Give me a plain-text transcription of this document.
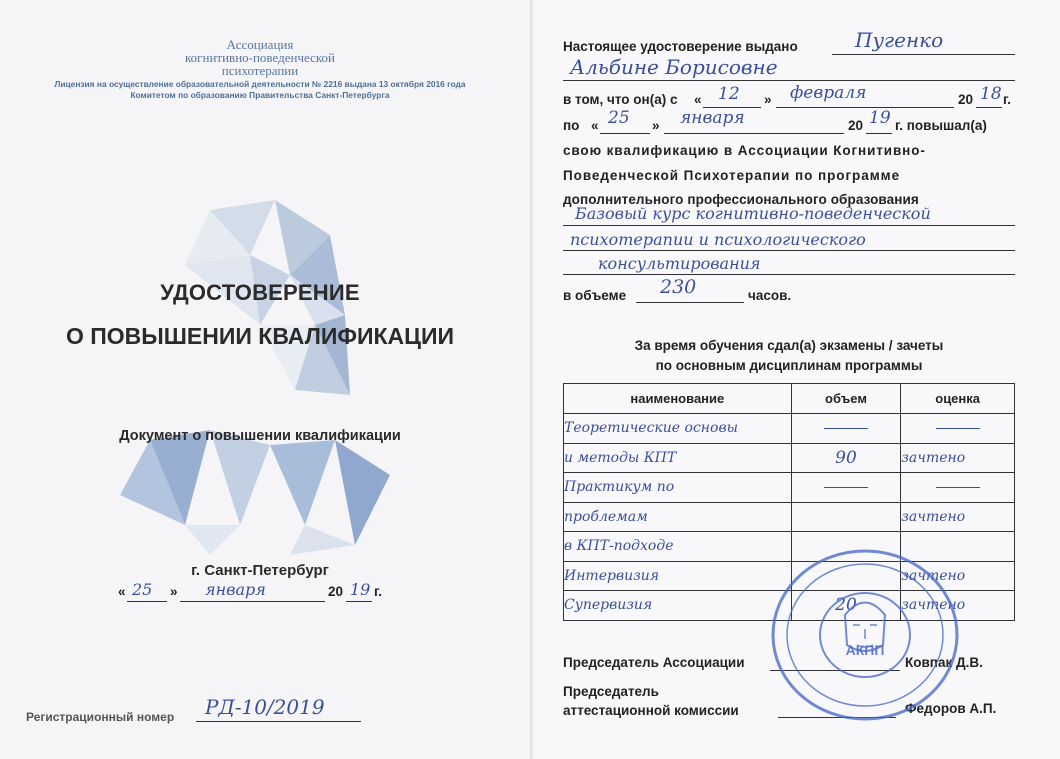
Ассоциация
когнитивно-поведенческой
психотерапии
Лицензия на осуществление образовательной деятельности № 2216 выдана 13 октября 2016 года
Комитетом по образованию Правительства Санкт-Петербурга
УДОСТОВЕРЕНИЕ
О ПОВЫШЕНИИ КВАЛИФИКАЦИИ
Документ о повышении квалификации
г. Санкт-Петербург
« 25 » января	20 19 г.
Регистрационный номер РД-10/2019
Настоящее удостоверение выдано	Пугенко
Альбине Борисовне
в том, что он(а) с « 12 » февраля	20 18 г.
по « 25 » января	20 19 г. повышал(а)
свою квалификацию в Ассоциации Когнитивно-
Поведенческой Психотерапии по программе
дополнительного профессионального образования
Базовый курс когнитивно-поведенческой
психотерапии и психологического
консультирования
в объеме 230	часов.
За время обучения сдал(а) экзамены / зачеты
по основным дисциплинам программы
наименование	объем	оценка
Теоретические основы	

и методы КПТ	90	зачтено
Практикум по	

проблемам		зачтено
в КПТ-подходе		
Интервизия		зачтено
Супервизия	20	зачтено
Председатель Ассоциации	Ковпак Д.В.
Председатель
аттестационной комиссии	Федоров А.П.
АКПП
